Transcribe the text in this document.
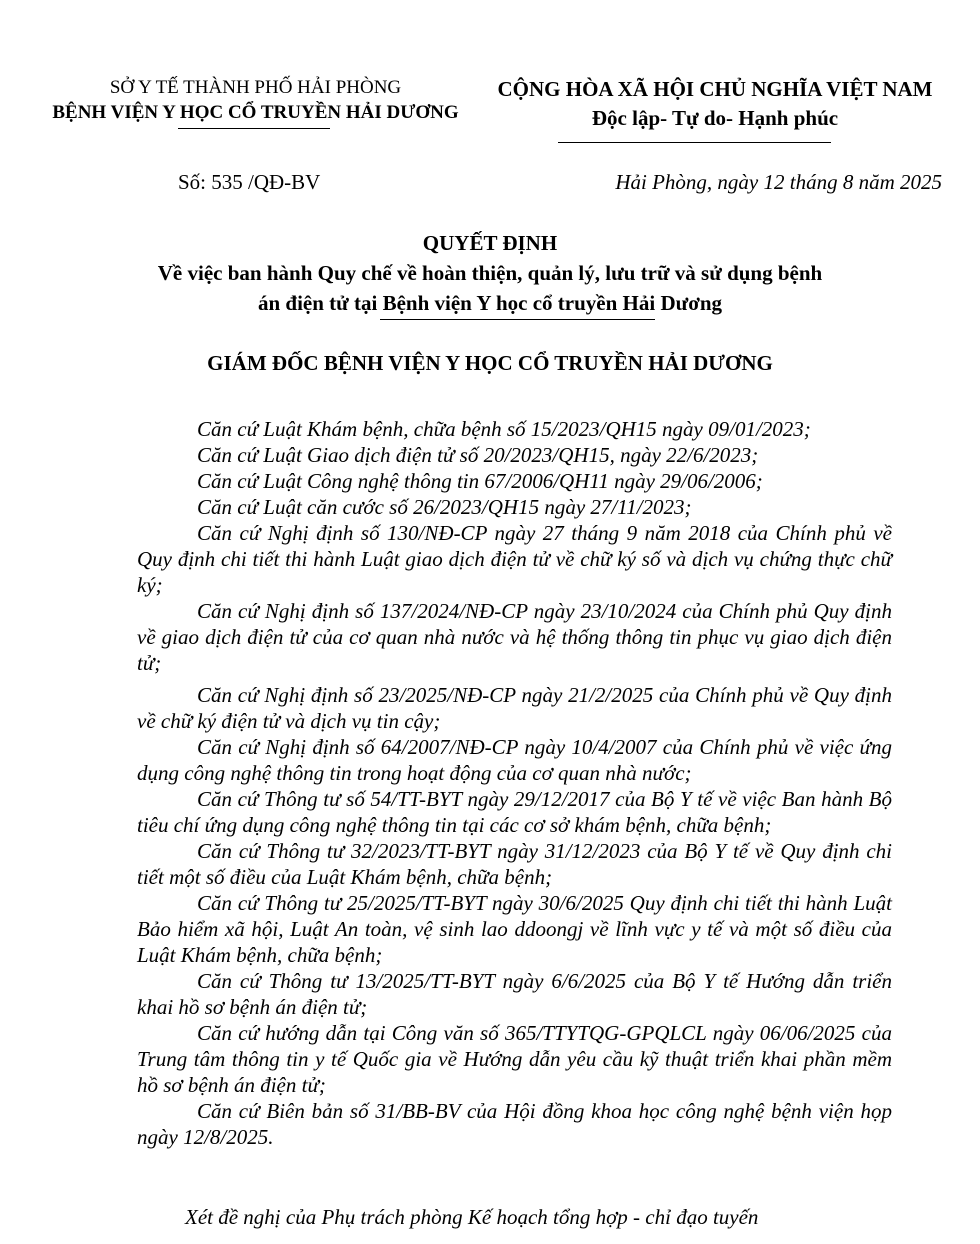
SỞ Y TẾ THÀNH PHỐ HẢI PHÒNG
BỆNH VIỆN Y HỌC CỔ TRUYỀN HẢI DƯƠNG
CỘNG HÒA XÃ HỘI CHỦ NGHĨA VIỆT NAM
Độc lập- Tự do- Hạnh phúc
Số: 535 /QĐ-BV	Hải Phòng, ngày 12 tháng 8 năm 2025
QUYẾT ĐỊNH
Về việc ban hành Quy chế về hoàn thiện, quản lý, lưu trữ và sử dụng bệnh
án điện tử tại Bệnh viện Y học cổ truyền Hải Dương
GIÁM ĐỐC BỆNH VIỆN Y HỌC CỔ TRUYỀN HẢI DƯƠNG

Căn cứ Luật Khám bệnh, chữa bệnh số 15/2023/QH15 ngày 09/01/2023;

Căn cứ Luật Giao dịch điện tử số 20/2023/QH15, ngày 22/6/2023;

Căn cứ Luật Công nghệ thông tin 67/2006/QH11 ngày 29/06/2006;

Căn cứ Luật căn cước số 26/2023/QH15 ngày 27/11/2023;

Căn cứ Nghị định số 130/NĐ-CP ngày 27 tháng 9 năm 2018 của Chính phủ về Quy định chi tiết thi hành Luật giao dịch điện tử về chữ ký số và dịch vụ chứng thực chữ ký;

Căn cứ Nghị định số 137/2024/NĐ-CP ngày 23/10/2024 của Chính phủ Quy định về giao dịch điện tử của cơ quan nhà nước và hệ thống thông tin phục vụ giao dịch điện tử;

Căn cứ Nghị định số 23/2025/NĐ-CP ngày 21/2/2025 của Chính phủ về Quy định về chữ ký điện tử và dịch vụ tin cậy;

Căn cứ Nghị định số 64/2007/NĐ-CP ngày 10/4/2007 của Chính phủ về việc ứng dụng công nghệ thông tin trong hoạt động của cơ quan nhà nước;

Căn cứ Thông tư số 54/TT-BYT ngày 29/12/2017 của Bộ Y tế về việc Ban hành Bộ tiêu chí ứng dụng công nghệ thông tin tại các cơ sở khám bệnh, chữa bệnh;

Căn cứ Thông tư 32/2023/TT-BYT ngày 31/12/2023 của Bộ Y tế về Quy định chi tiết một số điều của Luật Khám bệnh, chữa bệnh;

Căn cứ Thông tư 25/2025/TT-BYT ngày 30/6/2025 Quy định chi tiết thi hành Luật Bảo hiểm xã hội, Luật An toàn, vệ sinh lao ddoongj về lĩnh vực y tế và một số điều của Luật Khám bệnh, chữa bệnh;

Căn cứ Thông tư 13/2025/TT-BYT ngày 6/6/2025 của Bộ Y tế Hướng dẫn triển khai hồ sơ bệnh án điện tử;

Căn cứ hướng dẫn tại Công văn số 365/TTYTQG-GPQLCL ngày 06/06/2025 của Trung tâm thông tin y tế Quốc gia về Hướng dẫn yêu cầu kỹ thuật triển khai phần mềm hồ sơ bệnh án điện tử;

Căn cứ Biên bản số 31/BB-BV của Hội đồng khoa học công nghệ bệnh viện họp ngày 12/8/2025.

Xét đề nghị của Phụ trách phòng Kế hoạch tổng hợp - chỉ đạo tuyến
